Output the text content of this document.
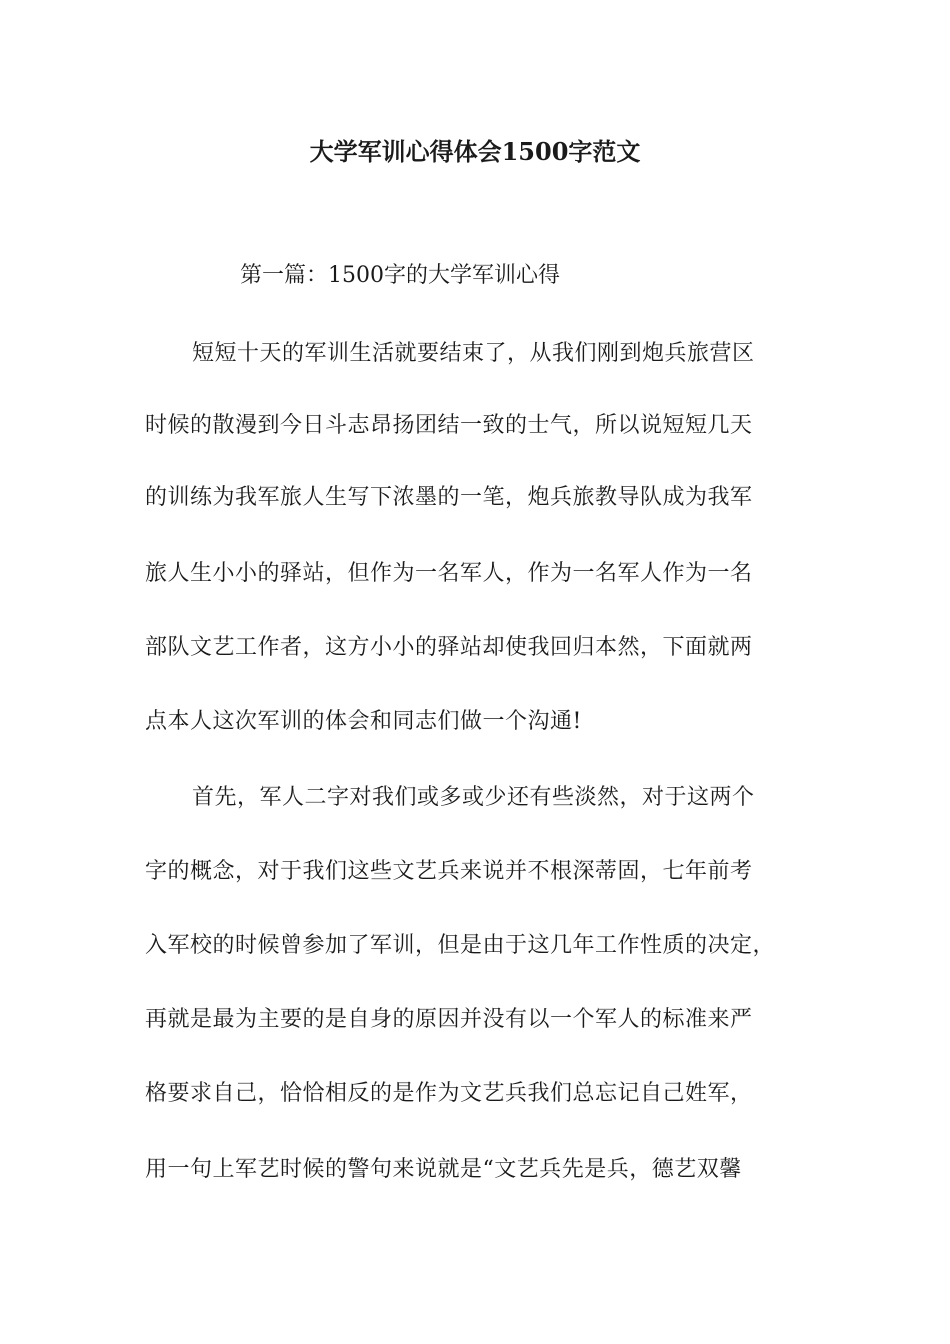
大学军训心得体会1500字范文

第一篇：1500字的大学军训心得

短短十天的军训生活就要结束了，从我们刚到炮兵旅营区

时候的散漫到今日斗志昂扬团结一致的士气，所以说短短几天

的训练为我军旅人生写下浓墨的一笔，炮兵旅教导队成为我军

旅人生小小的驿站，但作为一名军人，作为一名军人作为一名

部队文艺工作者，这方小小的驿站却使我回归本然，下面就两

点本人这次军训的体会和同志们做一个沟通!

首先，军人二字对我们或多或少还有些淡然，对于这两个

字的概念，对于我们这些文艺兵来说并不根深蒂固，七年前考

入军校的时候曾参加了军训，但是由于这几年工作性质的决定，

再就是最为主要的是自身的原因并没有以一个军人的标准来严

格要求自己，恰恰相反的是作为文艺兵我们总忘记自己姓军，

用一句上军艺时候的警句来说就是“文艺兵先是兵，德艺双馨
